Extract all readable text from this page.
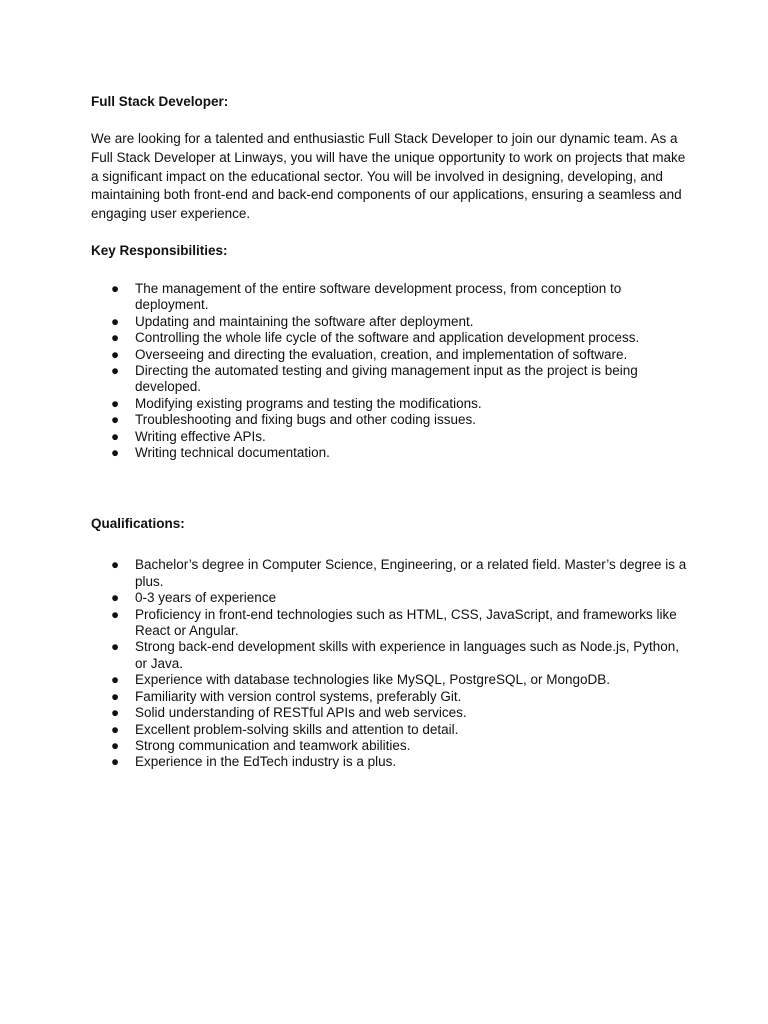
Full Stack Developer:

We are looking for a talented and enthusiastic Full Stack Developer to join our dynamic team. As a Full Stack Developer at Linways, you will have the unique opportunity to work on projects that make a significant impact on the educational sector. You will be involved in designing, developing, and maintaining both front-end and back-end components of our applications, ensuring a seamless and engaging user experience.

Key Responsibilities:

●	The management of the entire software development process, from conception to deployment.
●	Updating and maintaining the software after deployment.
●	Controlling the whole life cycle of the software and application development process.
●	Overseeing and directing the evaluation, creation, and implementation of software.
●	Directing the automated testing and giving management input as the project is being developed.
●	Modifying existing programs and testing the modifications.
●	Troubleshooting and fixing bugs and other coding issues.
●	Writing effective APIs.
●	Writing technical documentation.

Qualifications:

●	Bachelor’s degree in Computer Science, Engineering, or a related field. Master’s degree is a plus.
●	0-3 years of experience
●	Proficiency in front-end technologies such as HTML, CSS, JavaScript, and frameworks like React or Angular.
●	Strong back-end development skills with experience in languages such as Node.js, Python, or Java.
●	Experience with database technologies like MySQL, PostgreSQL, or MongoDB.
●	Familiarity with version control systems, preferably Git.
●	Solid understanding of RESTful APIs and web services.
●	Excellent problem-solving skills and attention to detail.
●	Strong communication and teamwork abilities.
●	Experience in the EdTech industry is a plus.
